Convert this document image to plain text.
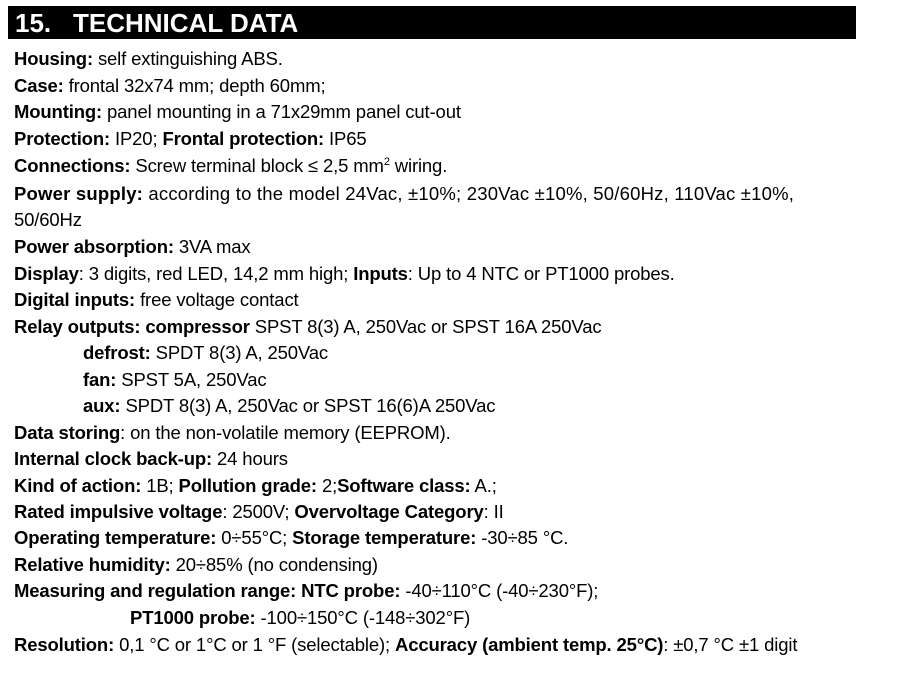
15. TECHNICAL DATA
Housing: self extinguishing ABS.
Case: frontal 32x74 mm; depth 60mm;
Mounting: panel mounting in a 71x29mm panel cut-out
Protection: IP20; Frontal protection: IP65
Connections: Screw terminal block ≤ 2,5 $mm^2$ wiring.
Power supply: according to the model 24Vac, ±10%; 230Vac ±10%, 50/60Hz, 110Vac ±10%,
50/60Hz
Power absorption: 3VA max
Display: 3 digits, red LED, 14,2 mm high; Inputs: Up to 4 NTC or PT1000 probes.
Digital inputs: free voltage contact
Relay outputs: compressor SPST 8(3) A, 250Vac or SPST 16A 250Vac
defrost: SPDT 8(3) A, 250Vac
fan: SPST 5A, 250Vac
aux: SPDT 8(3) A, 250Vac or SPST 16(6)A 250Vac
Data storing: on the non-volatile memory (EEPROM).
Internal clock back-up: 24 hours
Kind of action: 1B; Pollution grade: 2;Software class: A.;
Rated impulsive voltage: 2500V; Overvoltage Category: II
Operating temperature: 0÷55°C; Storage temperature: -30÷85 °C.
Relative humidity: 20÷85% (no condensing)
Measuring and regulation range: NTC probe: -40÷110°C (-40÷230°F);
PT1000 probe: -100÷150°C (-148÷302°F)
Resolution: 0,1 °C or 1°C or 1 °F (selectable); Accuracy (ambient temp. 25°C): ±0,7 °C ±1 digit
